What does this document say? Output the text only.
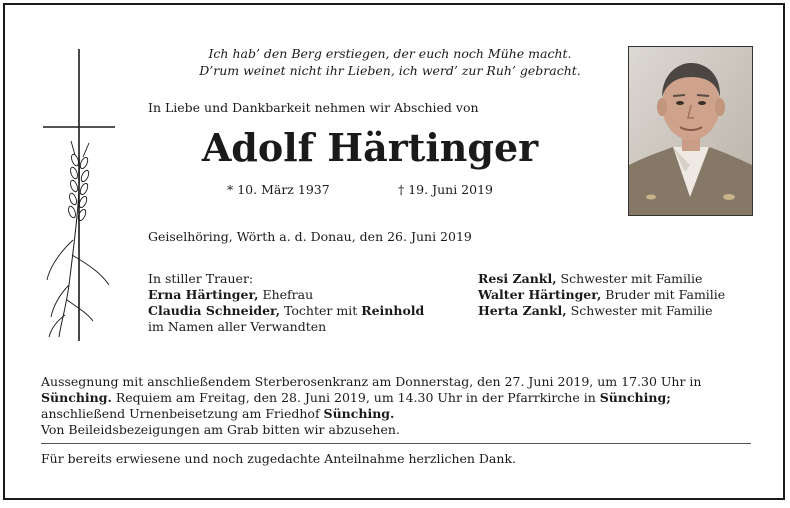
Ich hab’ den Berg erstiegen, der euch noch Mühe macht.
D’rum weinet nicht ihr Lieben, ich werd’ zur Ruh’ gebracht.
In Liebe und Dankbarkeit nehmen wir Abschied von
Adolf Härtinger
* 10. März 1937	† 19. Juni 2019
Geiselhöring, Wörth a. d. Donau, den 26. Juni 2019
In stiller Trauer:
Erna Härtinger, Ehefrau
Claudia Schneider, Tochter mit Reinhold
im Namen aller Verwandten
Resi Zankl, Schwester mit Familie
Walter Härtinger, Bruder mit Familie
Herta Zankl, Schwester mit Familie
Aussegnung mit anschließendem Sterberosenkranz am Donnerstag, den 27. Juni 2019, um 17.30 Uhr in
Sünching. Requiem am Freitag, den 28. Juni 2019, um 14.30 Uhr in der Pfarrkirche in Sünching;
anschließend Urnenbeisetzung am Friedhof Sünching.
Von Beileidsbezeigungen am Grab bitten wir abzusehen.
Für bereits erwiesene und noch zugedachte Anteilnahme herzlichen Dank.
